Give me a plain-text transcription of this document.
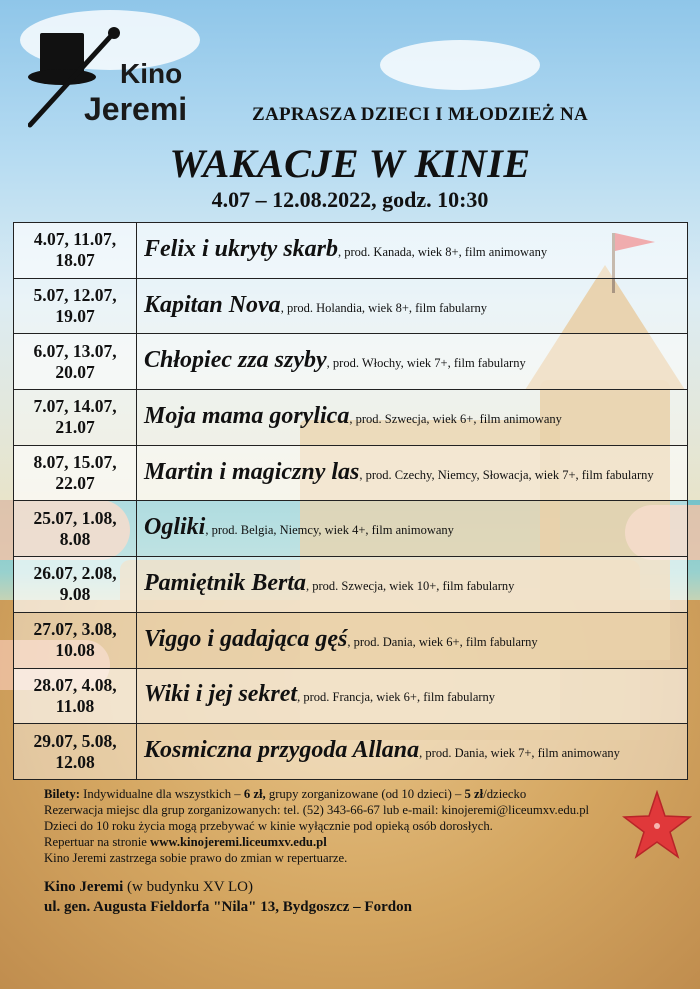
Kino
Jeremi	ZAPRASZA DZIECI I MŁODZIEŻ NA
WAKACJE W KINIE
4.07 – 12.08.2022, godz. 10:30
4.07, 11.07,
18.07	Felix i ukryty skarb, prod. Kanada, wiek 8+, film animowany
5.07, 12.07,
19.07	Kapitan Nova, prod. Holandia, wiek 8+, film fabularny
6.07, 13.07,
20.07	Chłopiec zza szyby, prod. Włochy, wiek 7+, film fabularny
7.07, 14.07,
21.07	Moja mama gorylica, prod. Szwecja, wiek 6+, film animowany
8.07, 15.07,
22.07	Martin i magiczny las, prod. Czechy, Niemcy, Słowacja, wiek 7+, film fabularny
25.07, 1.08,
8.08	Ogliki, prod. Belgia, Niemcy, wiek 4+, film animowany
26.07, 2.08,
9.08	Pamiętnik Berta, prod. Szwecja, wiek 10+, film fabularny
27.07, 3.08,
10.08	Viggo i gadająca gęś, prod. Dania, wiek 6+, film fabularny
28.07, 4.08,
11.08	Wiki i jej sekret, prod. Francja, wiek 6+, film fabularny
29.07, 5.08,
12.08	Kosmiczna przygoda Allana, prod. Dania, wiek 7+, film animowany

Bilety: Indywidualne dla wszystkich – 6 zł, grupy zorganizowane (od 10 dzieci) – 5 zł/dziecko

Rezerwacja miejsc dla grup zorganizowanych: tel. (52) 343-66-67 lub e-mail: kinojeremi@liceumxv.edu.pl

Dzieci do 10 roku życia mogą przebywać w kinie wyłącznie pod opieką osób dorosłych.

Repertuar na stronie www.kinojeremi.liceumxv.edu.pl

Kino Jeremi zastrzega sobie prawo do zmian w repertuarze.

Kino Jeremi (w budynku XV LO)

ul. gen. Augusta Fieldorfa "Nila" 13, Bydgoszcz – Fordon
